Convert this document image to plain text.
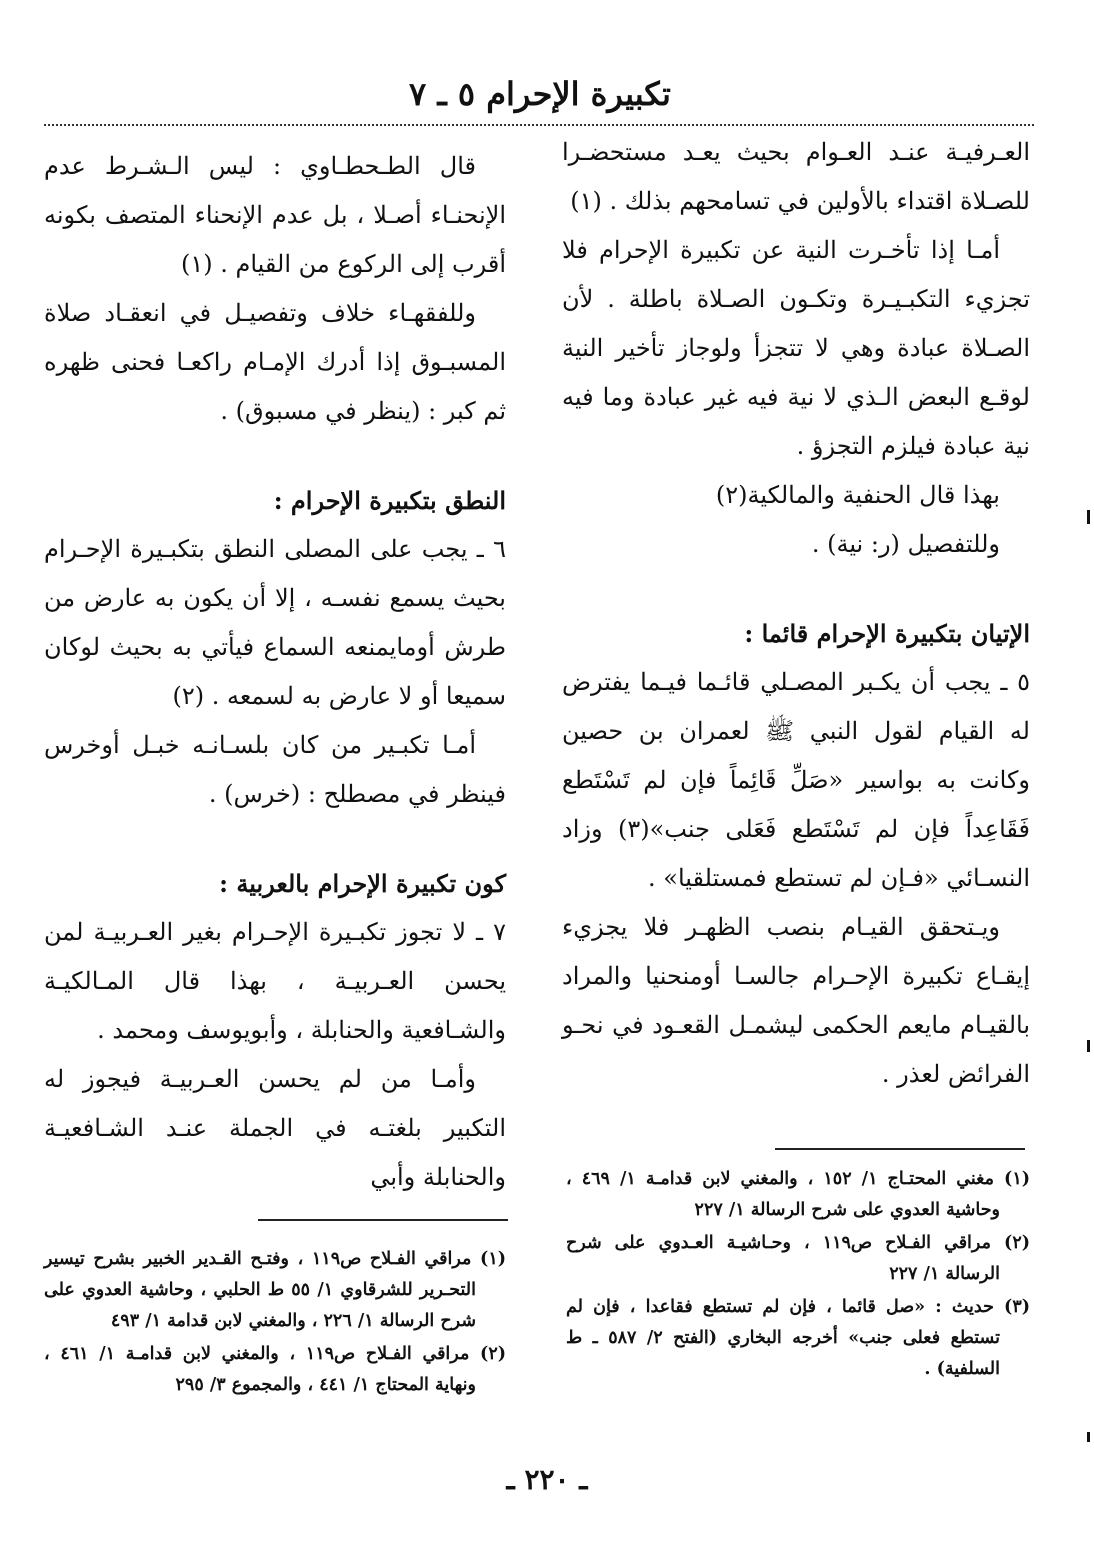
تكبيرة الإحرام ٥ ـ ٧

العـرفيـة عنـد العـوام بحيث يعـد مستحضـرا للصـلاة اقتداء بالأولين في تسامحهم بذلك . (١)

أمـا إذا تأخـرت النية عن تكبيرة الإحرام فلا تجزيء التكبـيـرة وتكـون الصـلاة باطلة . لأن الصـلاة عبادة وهي لا تتجزأ ولوجاز تأخير النية لوقـع البعض الـذي لا نية فيه غير عبادة وما فيه نية عبادة فيلزم التجزؤ .

بهذا قال الحنفية والمالكية(٢)

وللتفصيل (ر: نية) .

الإتيان بتكبيرة الإحرام قائما :

٥ ـ يجب أن يكـبر المصـلي قائـما فيـما يفترض له القيام لقول النبي ﷺ لعمران بن حصين وكانت به بواسير «صَلِّ قَائِماً فإن لم تَسْتَطع فَقَاعِداً فإن لم تَسْتَطع فَعَلى جنب»(٣) وزاد النسـائي «فـإن لم تستطع فمستلقيا» .

ويـتحقق القيـام بنصب الظهـر فلا يجزيء إيقـاع تكبيرة الإحـرام جالسـا أومنحنيا والمراد بالقيـام مايعم الحكمى ليشمـل القعـود في نحـو الفرائض لعذر .

قال الطـحطـاوي : ليس الـشـرط عدم الإنحنـاء أصـلا ، بل عدم الإنحناء المتصف بكونه أقرب إلى الركوع من القيام . (١)

وللفقهـاء خلاف وتفصيـل في انعقـاد صلاة المسبـوق إذا أدرك الإمـام راكعـا فحنى ظهره ثم كبر : (ينظر في مسبوق) .

النطق بتكبيرة الإحرام :

٦ ـ يجب على المصلى النطق بتكبـيرة الإحـرام بحيث يسمع نفسـه ، إلا أن يكون به عارض من طرش أومايمنعه السماع فيأتي به بحيث لوكان سميعا أو لا عارض به لسمعه . (٢)

أمـا تكبـير من كان بلسـانـه خبـل أوخرس فينظر في مصطلح : (خرس) .

كون تكبيرة الإحرام بالعربية :

٧ ـ لا تجوز تكبـيرة الإحـرام بغير العـربيـة لمن يحسن العـربيـة ، بهذا قال المـالكيـة والشـافعية والحنابلة ، وأبويوسف ومحمد .

وأمـا من لم يحسن العـربيـة فيجوز له التكبير بلغتـه في الجملة عنـد الشـافعيـة والحنابلة وأبي	(١) مغني المحتـاج ١/ ١٥٢ ، والمغني لابن قدامـة ١/ ٤٦٩ ، وحاشية العدوي على شرح الرسالة ١/ ٢٢٧

(٢) مراقي الفـلاح ص١١٩ ، وحـاشيـة العـدوي على شرح الرسالة ١/ ٢٢٧

(٣) حديث : «صل قائما ، فإن لم تستطع فقاعدا ، فإن لم تستطع فعلى جنب» أخرجه البخاري (الفتح ٢/ ٥٨٧ ـ ط السلفية) .

(١) مراقي الفـلاح ص١١٩ ، وفتـح القـدير الخبير بشرح تيسير التحـرير للشرقاوي ١/ ٥٥ ط الحلبي ، وحاشية العدوي على شرح الرسالة ١/ ٢٢٦ ، والمغني لابن قدامة ١/ ٤٩٣

(٢) مراقي الفـلاح ص١١٩ ، والمغني لابن قدامـة ١/ ٤٦١ ، ونهاية المحتاج ١/ ٤٤١ ، والمجموع ٣/ ٢٩٥

ـ ٢٢٠ ـ
